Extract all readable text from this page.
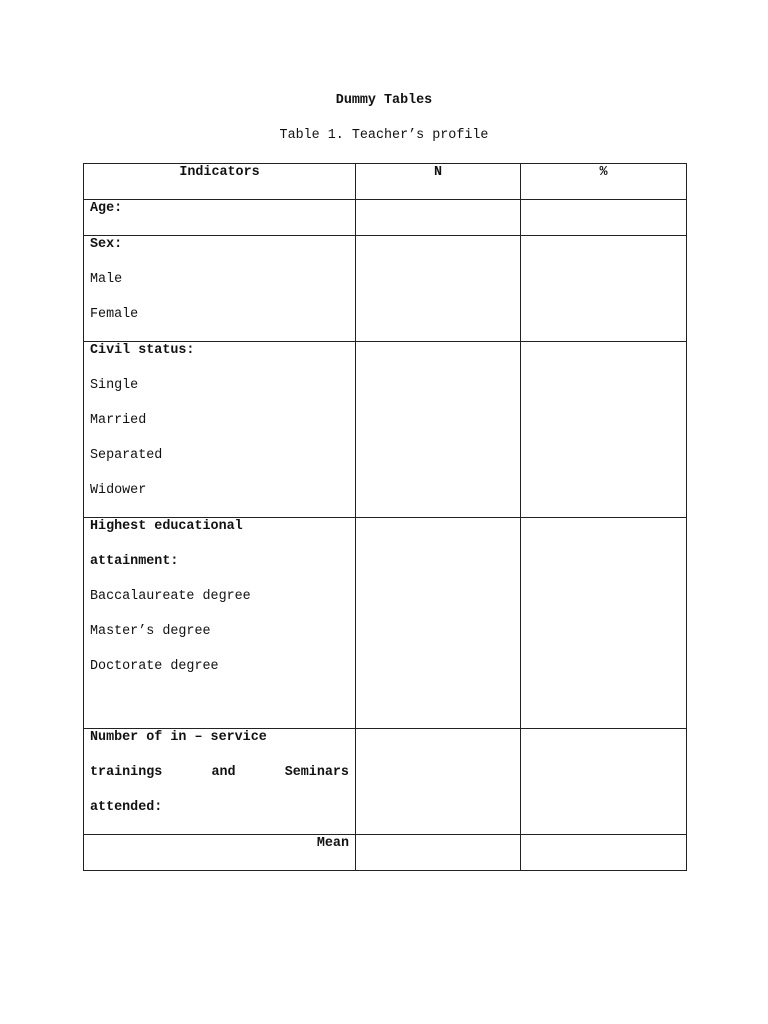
Dummy Tables
Table 1. Teacher’s profile
Indicators	N	%

Age:		

Sex:
Male
Female		

Civil status:
Single
Married
Separated
Widower		

Highest educational
attainment:
Baccalaureate degree
Master’s degree
Doctorate degree		

Number of in – service
trainings and Seminars
attended:		

Mean		
